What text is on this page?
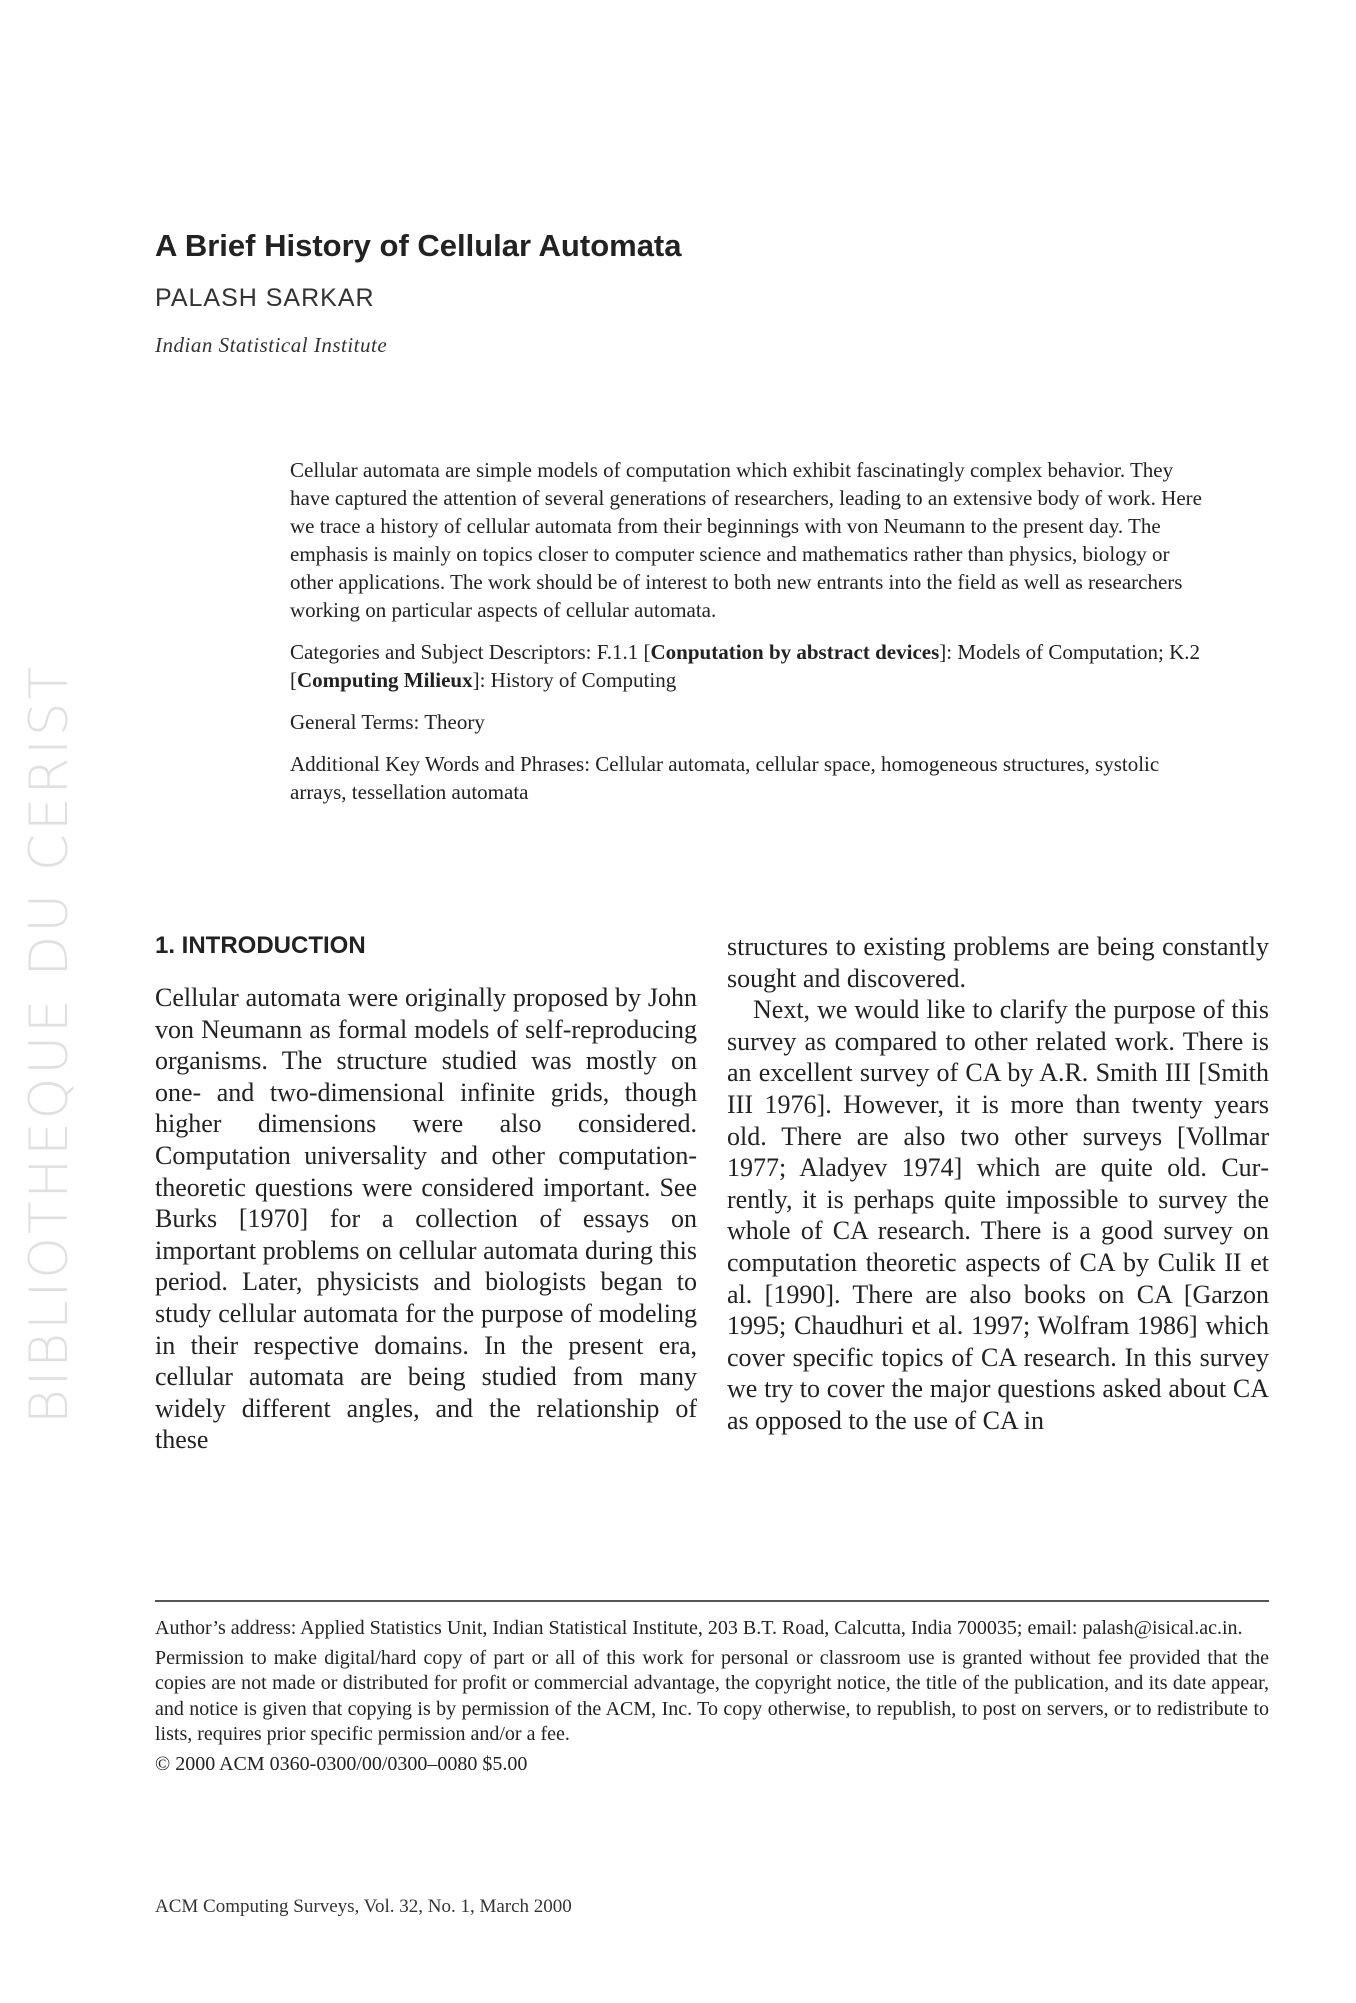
BIBLIOTHEQUE DU CERIST
A Brief History of Cellular Automata
PALASH SARKAR
Indian Statistical Institute

Cellular automata are simple models of computation which exhibit fascinatingly complex behavior. They have captured the attention of several generations of researchers, leading to an extensive body of work. Here we trace a history of cellular automata from their beginnings with von Neumann to the present day. The emphasis is mainly on topics closer to computer science and mathematics rather than physics, biology or other applications. The work should be of interest to both new entrants into the field as well as researchers working on particular aspects of cellular automata.

Categories and Subject Descriptors: F.1.1 [Conputation by abstract devices]: Models of Computation; K.2 [Computing Milieux]: History of Computing

General Terms: Theory

Additional Key Words and Phrases: Cellular automata, cellular space, homogeneous structures, systolic arrays, tessellation automata

1. INTRODUCTION

Cellular automata were originally proposed by John von Neumann as formal models of self-reproducing organisms. The structure studied was mostly on one- and two-dimensional infinite grids, though higher dimensions were also considered. Computation universality and other computation-theoretic questions were considered important. See Burks [1970] for a collection of essays on important problems on cellular automata during this period. Later, physicists and biologists began to study cellular automata for the purpose of modeling in their respective domains. In the present era, cellular automata are being studied from many widely different angles, and the relationship of these

structures to existing problems are being constantly sought and discovered.

Next, we would like to clarify the purpose of this survey as compared to other related work. There is an excellent survey of CA by A.R. Smith III [Smith III 1976]. However, it is more than twenty years old. There are also two other surveys [Vollmar 1977; Aladyev 1974] which are quite old. Currently, it is perhaps quite impossible to survey the whole of CA research. There is a good survey on computation theoretic aspects of CA by Culik II et al. [1990]. There are also books on CA [Garzon 1995; Chaudhuri et al. 1997; Wolfram 1986] which cover specific topics of CA research. In this survey we try to cover the major questions asked about CA as opposed to the use of CA in

Author’s address: Applied Statistics Unit, Indian Statistical Institute, 203 B.T. Road, Calcutta, India 700035; email: palash@isical.ac.in.

Permission to make digital/hard copy of part or all of this work for personal or classroom use is granted without fee provided that the copies are not made or distributed for profit or commercial advantage, the copyright notice, the title of the publication, and its date appear, and notice is given that copying is by permission of the ACM, Inc. To copy otherwise, to republish, to post on servers, or to redistribute to lists, requires prior specific permission and/or a fee.

© 2000 ACM 0360-0300/00/0300–0080 $5.00

ACM Computing Surveys, Vol. 32, No. 1, March 2000
